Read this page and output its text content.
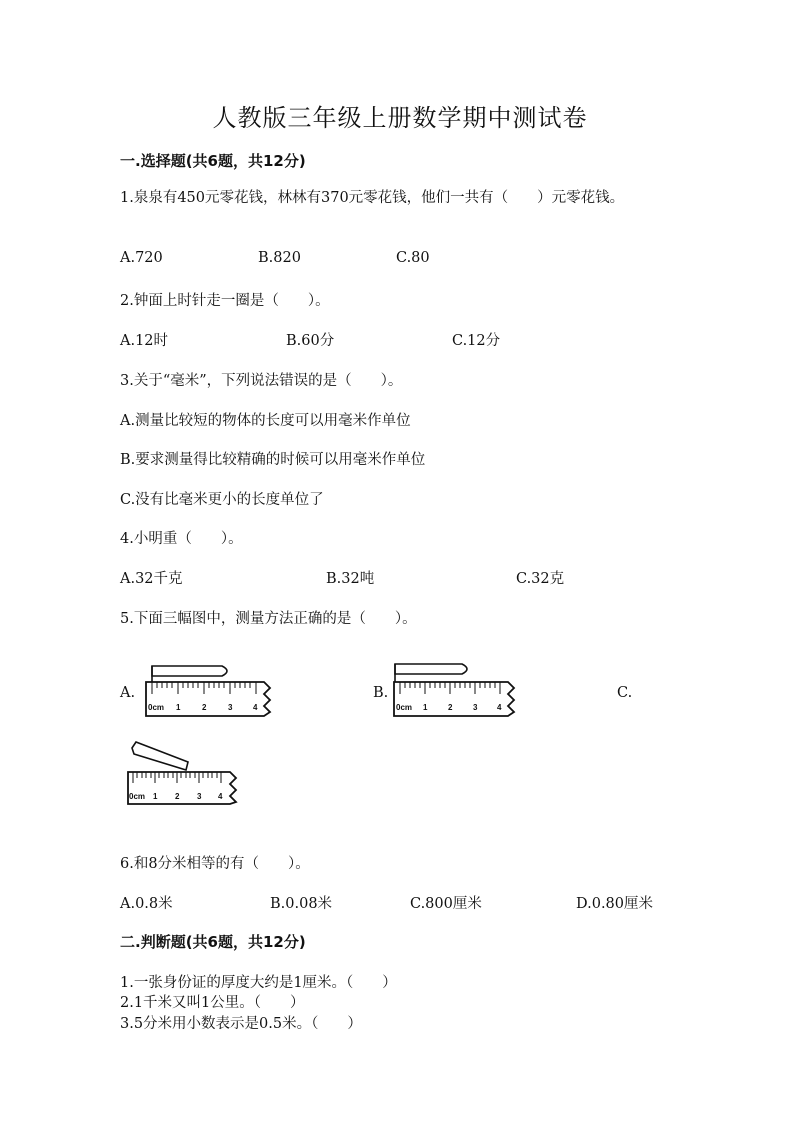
人教版三年级上册数学期中测试卷
一.选择题(共6题，共12分)
1.泉泉有450元零花钱，林林有370元零花钱，他们一共有（　　）元零花钱。
A.720	B.820	C.80
2.钟面上时针走一圈是（　　）。
A.12时	B.60分	C.12分
3.关于“毫米”，下列说法错误的是（　　）。
A.测量比较短的物体的长度可以用毫米作单位
B.要求测量得比较精确的时候可以用毫米作单位
C.没有比毫米更小的长度单位了
4.小明重（　　）。
A.32千克	B.32吨	C.32克
5.下面三幅图中，测量方法正确的是（　　）。
A.	B.	C.
0cm 1	2	3	4	0cm 1	2	3 4
0cm 1 2 3 4
6.和8分米相等的有（　　）。
A.0.8米	B.0.08米	C.800厘米	D.0.80厘米
二.判断题(共6题，共12分)
1.一张身份证的厚度大约是1厘米。（　　）
2.1千米又叫1公里。（　　）
3.5分米用小数表示是0.5米。（　　）
